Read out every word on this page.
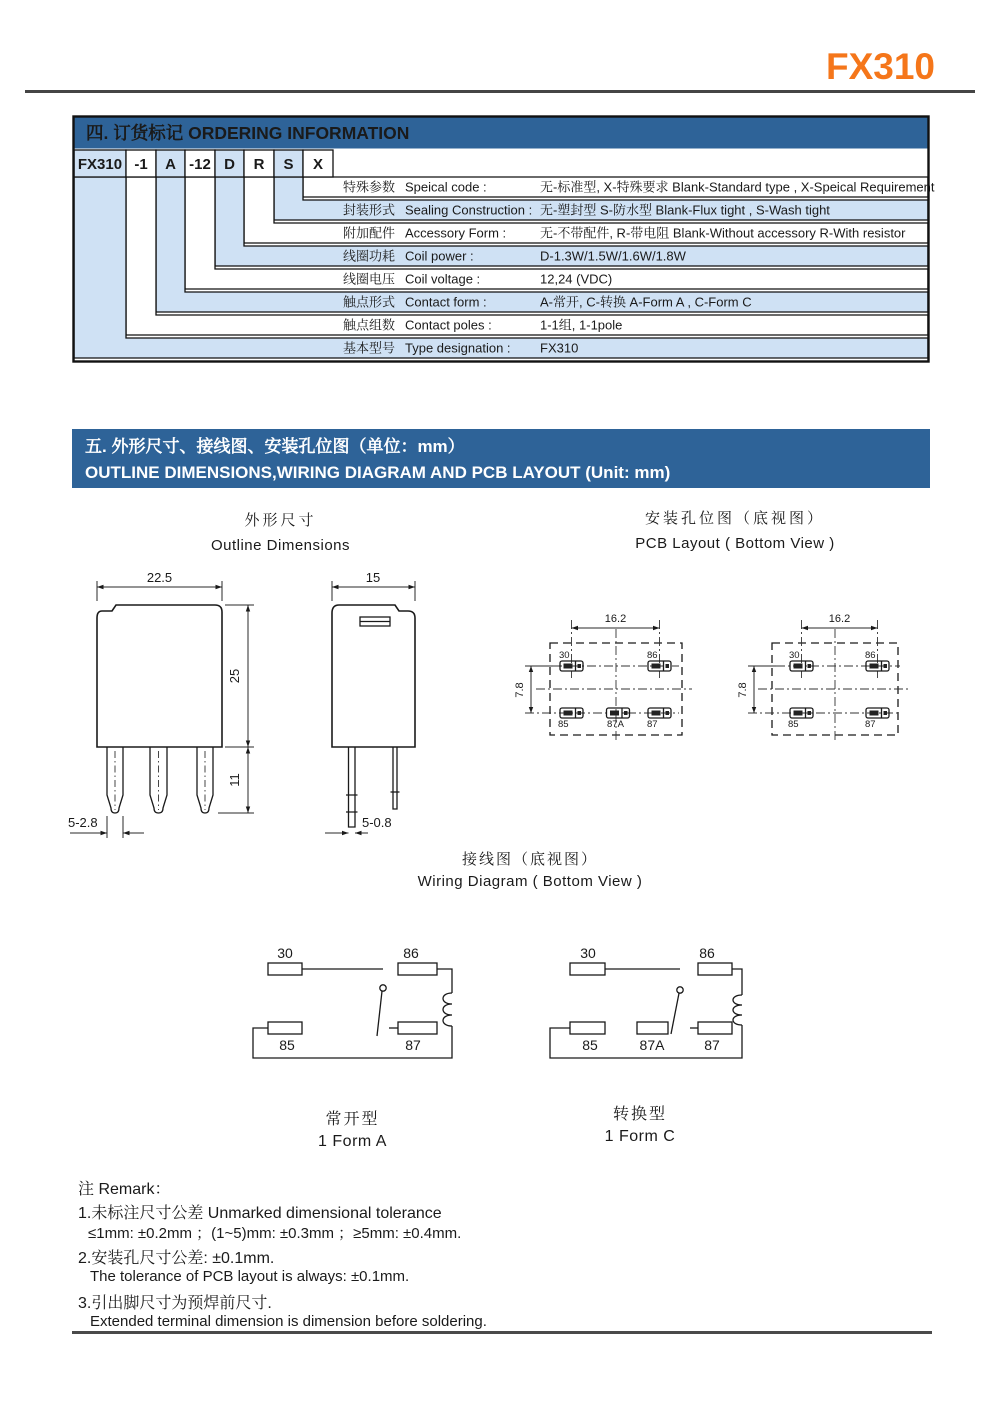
FX310
四. 订货标记 ORDERING INFORMATION
特殊参数 Speical code :	无-标准型, X-特殊要求 Blank-Standard type , X-Speical Requirement
封装形式 Sealing Construction : 无-塑封型 S-防水型 Blank-Flux tight , S-Wash tight
附加配件 Accessory Form :	无-不带配件, R-带电阻 Blank-Without accessory R-With resistor
线圈功耗 Coil power :	D-1.3W/1.5W/1.6W/1.8W
线圈电压 Coil voltage :	12,24 (VDC)
触点形式 Contact form :	A-常开, C-转换 A-Form A , C-Form C
触点组数 Contact poles :	1-1组, 1-1pole
基本型号 Type designation : FX310
FX310 -1 A -12 D R S X
五. 外形尺寸、接线图、安装孔位图（单位：mm）
OUTLINE DIMENSIONS,WIRING DIAGRAM AND PCB LAYOUT (Unit: mm)
外形尺寸
Outline Dimensions
安装孔位图（底视图）
PCB Layout ( Bottom View )
22.5
25
11
5-2.8
15
5-0.8
30	86
85	87A 87
16.2
7.8
30	86
85	87
16.2
7.8
接线图（底视图）
Wiring Diagram ( Bottom View )
30	86
85	87
30	86
85	87A	87
常开型
1 Form A
转换型
1 Form C
注 Remark：
1.未标注尺寸公差 Unmarked dimensional tolerance
≤1mm: ±0.2mm ；(1~5)mm: ±0.3mm ；≥5mm: ±0.4mm.
2.安装孔尺寸公差: ±0.1mm.
The tolerance of PCB layout is always: ±0.1mm.
3.引出脚尺寸为预焊前尺寸.
Extended terminal dimension is dimension before soldering.
